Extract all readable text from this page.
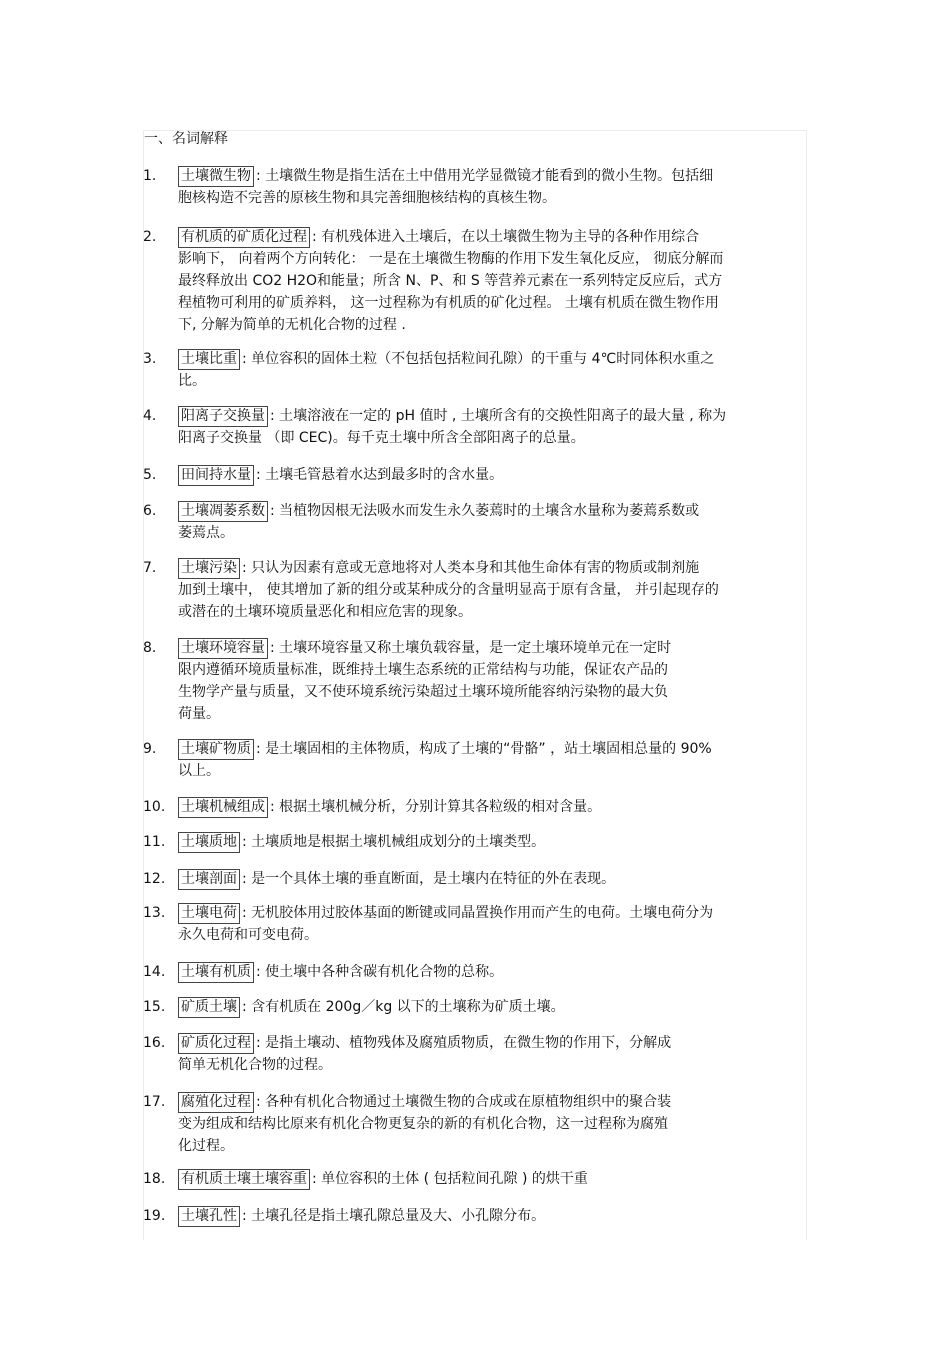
一、名词解释
1.	土壤微生物 : 土壤微生物是指生活在土中借用光学显微镜才能看到的微小生物。包括细
胞核构造不完善的原核生物和具完善细胞核结构的真核生物。
2.	有机质的矿质化过程 : 有机残体进入土壤后，在以土壤微生物为主导的各种作用综合
影响下， 向着两个方向转化： 一是在土壤微生物酶的作用下发生氧化反应， 彻底分解而
最终释放出 CO2 H2O和能量；所含 N、P、和 S 等营养元素在一系列特定反应后，式方
程植物可利用的矿质养料， 这一过程称为有机质的矿化过程。 土壤有机质在微生物作用
下, 分解为简单的无机化合物的过程 .
3.	土壤比重 : 单位容积的固体土粒（不包括包括粒间孔隙）的干重与 4℃时同体积水重之
比。
4.	阳离子交换量 : 土壤溶液在一定的 pH 值时 , 土壤所含有的交换性阳离子的最大量 , 称为
阳离子交换量 （即 CEC)。每千克土壤中所含全部阳离子的总量。
5.	田间持水量 : 土壤毛管悬着水达到最多时的含水量。
6.	土壤凋萎系数 : 当植物因根无法吸水而发生永久萎蔫时的土壤含水量称为萎蔫系数或
萎蔫点。
7.	土壤污染 : 只认为因素有意或无意地将对人类本身和其他生命体有害的物质或制剂施
加到土壤中， 使其增加了新的组分或某种成分的含量明显高于原有含量， 并引起现存的
或潜在的土壤环境质量恶化和相应危害的现象。
8.	土壤环境容量 : 土壤环境容量又称土壤负载容量，是一定土壤环境单元在一定时
限内遵循环境质量标准，既维持土壤生态系统的正常结构与功能，保证农产品的
生物学产量与质量，又不使环境系统污染超过土壤环境所能容纳污染物的最大负
荷量。
9.	土壤矿物质 : 是土壤固相的主体物质，构成了土壤的“骨骼” ，站土壤固相总量的 90%
以上。
10.	土壤机械组成 : 根据土壤机械分析，分别计算其各粒级的相对含量。
11.	土壤质地 : 土壤质地是根据土壤机械组成划分的土壤类型。
12.	土壤剖面 : 是一个具体土壤的垂直断面，是土壤内在特征的外在表现。
13.	土壤电荷 : 无机胶体用过胶体基面的断键或同晶置换作用而产生的电荷。土壤电荷分为
永久电荷和可变电荷。
14.	土壤有机质 : 使土壤中各种含碳有机化合物的总称。
15.	矿质土壤 : 含有机质在 200g／kg 以下的土壤称为矿质土壤。
16.	矿质化过程 : 是指土壤动、植物残体及腐殖质物质，在微生物的作用下，分解成
简单无机化合物的过程。
17.	腐殖化过程 : 各种有机化合物通过土壤微生物的合成或在原植物组织中的聚合装
变为组成和结构比原来有机化合物更复杂的新的有机化合物，这一过程称为腐殖
化过程。
18.	有机质土壤土壤容重 : 单位容积的土体 ( 包括粒间孔隙 ) 的烘干重
19.	土壤孔性 : 土壤孔径是指土壤孔隙总量及大、小孔隙分布。
